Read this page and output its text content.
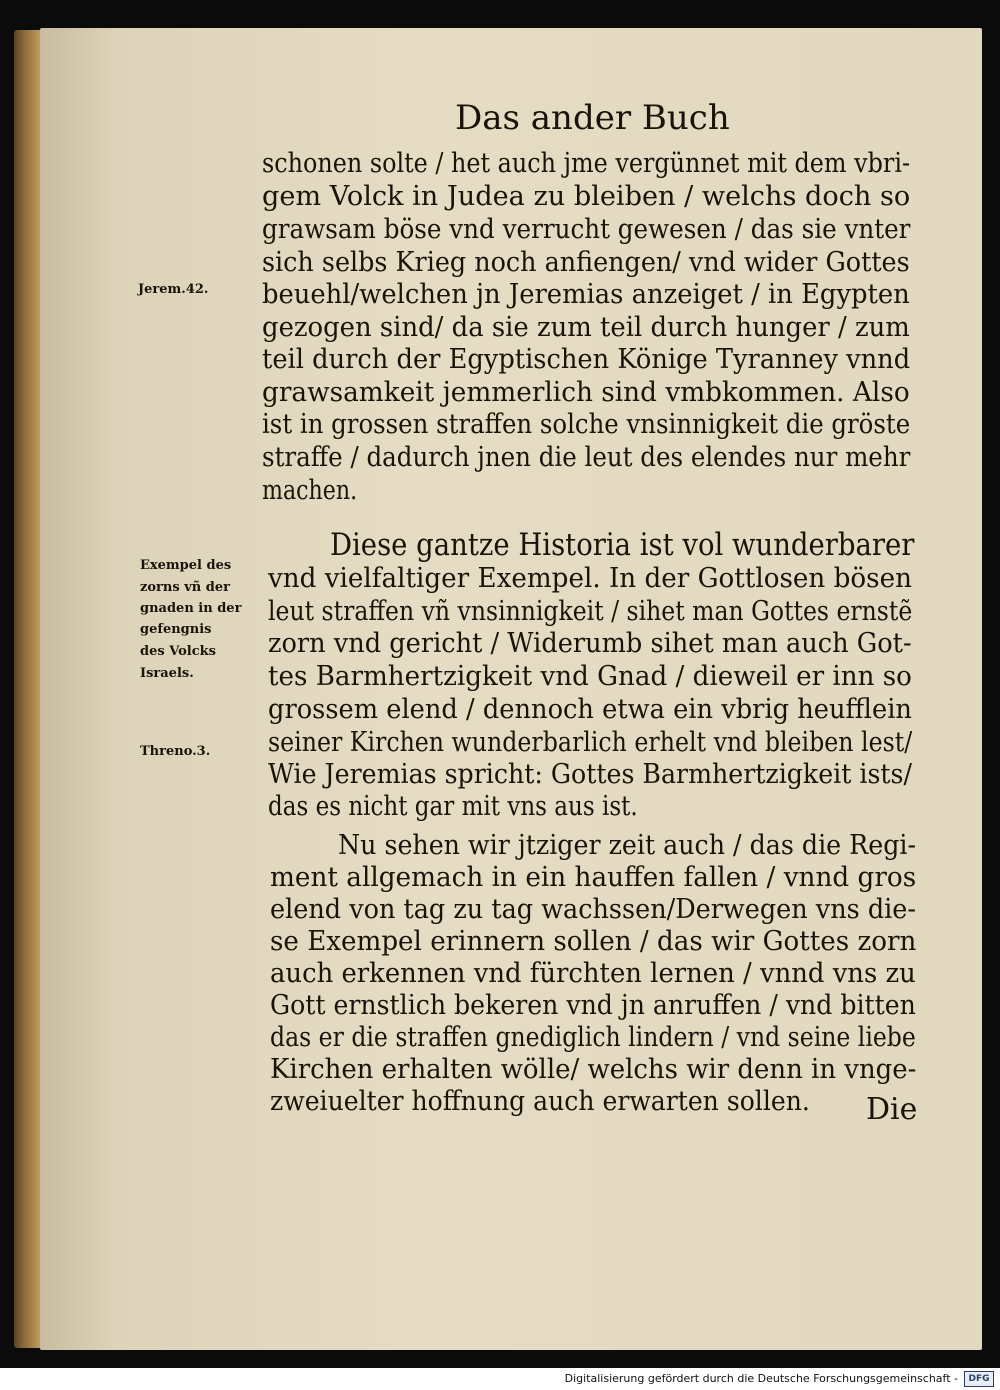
Das ander Buch
schonen solte / het auch jme vergünnet mit dem vbri-
gem Volck in Judea zu bleiben / welchs doch so
grawsam böse vnd verrucht gewesen / das sie vnter
sich selbs Krieg noch anfiengen/ vnd wider Gottes
beuehl/welchen jn Jeremias anzeiget / in Egypten
gezogen sind/ da sie zum teil durch hunger / zum
teil durch der Egyptischen Könige Tyranney vnnd
grawsamkeit jemmerlich sind vmbkommen. Also
ist in grossen straffen solche vnsinnigkeit die gröste
straffe / dadurch jnen die leut des elendes nur mehr
machen.
Diese gantze Historia ist vol wunderbarer
vnd vielfaltiger Exempel. In der Gottlosen bösen
leut straffen vñ vnsinnigkeit / sihet man Gottes ernstẽ
zorn vnd gericht / Widerumb sihet man auch Got-
tes Barmhertzigkeit vnd Gnad / dieweil er inn so
grossem elend / dennoch etwa ein vbrig heufflein
seiner Kirchen wunderbarlich erhelt vnd bleiben lest/
Wie Jeremias spricht: Gottes Barmhertzigkeit ists/
das es nicht gar mit vns aus ist.
Nu sehen wir jtziger zeit auch / das die Regi-
ment allgemach in ein hauffen fallen / vnnd gros
elend von tag zu tag wachssen/Derwegen vns die-
se Exempel erinnern sollen / das wir Gottes zorn
auch erkennen vnd fürchten lernen / vnnd vns zu
Gott ernstlich bekeren vnd jn anruffen / vnd bitten
das er die straffen gnediglich lindern / vnd seine liebe
Kirchen erhalten wölle/ welchs wir denn in vnge-
zweiuelter hoffnung auch erwarten sollen.
Jerem.42.
Exempel des
zorns vñ der
gnaden in der
gefengnis
des Volcks
Israels.
Threno.3.
Die
Digitalisierung gefördert durch die Deutsche Forschungsgemeinschaft -	DFG
